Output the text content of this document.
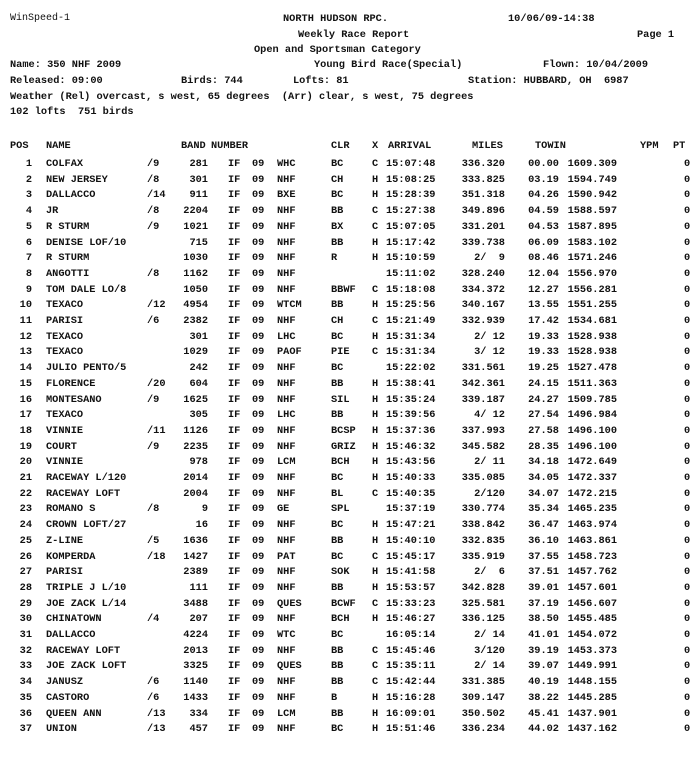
WinSpeed-1	NORTH HUDSON RPC.	10/06/09-14:38
Weekly Race Report	Page 1
Open and Sportsman Category
Name: 350 NHF 2009	Young Bird Race(Special)	Flown: 10/04/2009
Released: 09:00	Birds: 744	Lofts: 81	Station: HUBBARD, OH  6987
Weather (Rel) overcast, s west, 65 degrees  (Arr) clear, s west, 75 degrees
102 lofts  751 birds
POS NAME	BAND NUMBER	CLR X ARRIVAL	MILES	TOWIN	YPM PT
1 COLFAX	/9	281 IF 09 WHC	BC	C 15:07:48	336.320	00.00 1609.309	0
2 NEW JERSEY	/8	301 IF 09 NHF	CH	H 15:08:25	333.825	03.19 1594.749	0
3 DALLACCO	/14	911 IF 09 BXE	BC	H 15:28:39	351.318	04.26 1590.942	0
4 JR	/8	2204 IF 09 NHF	BB	C 15:27:38	349.896	04.59 1588.597	0
5 R STURM	/9	1021 IF 09 NHF	BX	C 15:07:05	331.201	04.53 1587.895	0
6 DENISE LOF/10	715 IF 09 NHF	BB	H 15:17:42	339.738	06.09 1583.102	0
7 R STURM	1030 IF 09 NHF	R	H 15:10:59	2/  9	08.46 1571.246	0
8 ANGOTTI	/8	1162 IF 09 NHF	15:11:02	328.240	12.04 1556.970	0
9 TOM DALE LO/8	1050 IF 09 NHF	BBWF C 15:18:08	334.372	12.27 1556.281	0
10 TEXACO	/12	4954 IF 09 WTCM	BB	H 15:25:56	340.167	13.55 1551.255	0
11 PARISI	/6	2382 IF 09 NHF	CH	C 15:21:49	332.939	17.42 1534.681	0
12 TEXACO	301 IF 09 LHC	BC	H 15:31:34	2/ 12	19.33 1528.938	0
13 TEXACO	1029 IF 09 PAOF	PIE C 15:31:34	3/ 12	19.33 1528.938	0
14 JULIO PENTO/5	242 IF 09 NHF	BC	15:22:02	331.561	19.25 1527.478	0
15 FLORENCE	/20	604 IF 09 NHF	BB	H 15:38:41	342.361	24.15 1511.363	0
16 MONTESANO	/9	1625 IF 09 NHF	SIL H 15:35:24	339.187	24.27 1509.785	0
17 TEXACO	305 IF 09 LHC	BB	H 15:39:56	4/ 12	27.54 1496.984	0
18 VINNIE	/11	1126 IF 09 NHF	BCSP H 15:37:36	337.993	27.58 1496.100	0
19 COURT	/9	2235 IF 09 NHF	GRIZ H 15:46:32	345.582	28.35 1496.100	0
20 VINNIE	978 IF 09 LCM	BCH H 15:43:56	2/ 11	34.18 1472.649	0
21 RACEWAY L/120	2014 IF 09 NHF	BC	H 15:40:33	335.085	34.05 1472.337	0
22 RACEWAY LOFT	2004 IF 09 NHF	BL	C 15:40:35	2/120	34.07 1472.215	0
23 ROMANO S	/8	9 IF 09 GE	SPL	15:37:19	330.774	35.34 1465.235	0
24 CROWN LOFT/27	16 IF 09 NHF	BC	H 15:47:21	338.842	36.47 1463.974	0
25 Z-LINE	/5	1636 IF 09 NHF	BB	H 15:40:10	332.835	36.10 1463.861	0
26 KOMPERDA	/18	1427 IF 09 PAT	BC	C 15:45:17	335.919	37.55 1458.723	0
27 PARISI	2389 IF 09 NHF	SOK H 15:41:58	2/  6	37.51 1457.762	0
28 TRIPLE J L/10	111 IF 09 NHF	BB	H 15:53:57	342.828	39.01 1457.601	0
29 JOE ZACK L/14	3488 IF 09 QUES	BCWF C 15:33:23	325.581	37.19 1456.607	0
30 CHINATOWN	/4	207 IF 09 NHF	BCH H 15:46:27	336.125	38.50 1455.485	0
31 DALLACCO	4224 IF 09 WTC	BC	16:05:14	2/ 14	41.01 1454.072	0
32 RACEWAY LOFT	2013 IF 09 NHF	BB	C 15:45:46	3/120	39.19 1453.373	0
33 JOE ZACK LOFT	3325 IF 09 QUES	BB	C 15:35:11	2/ 14	39.07 1449.991	0
34 JANUSZ	/6	1140 IF 09 NHF	BB	C 15:42:44	331.385	40.19 1448.155	0
35 CASTORO	/6	1433 IF 09 NHF	B	H 15:16:28	309.147	38.22 1445.285	0
36 QUEEN ANN	/13	334 IF 09 LCM	BB	H 16:09:01	350.502	45.41 1437.901	0
37 UNION	/13	457 IF 09 NHF	BC	H 15:51:46	336.234	44.02 1437.162	0
